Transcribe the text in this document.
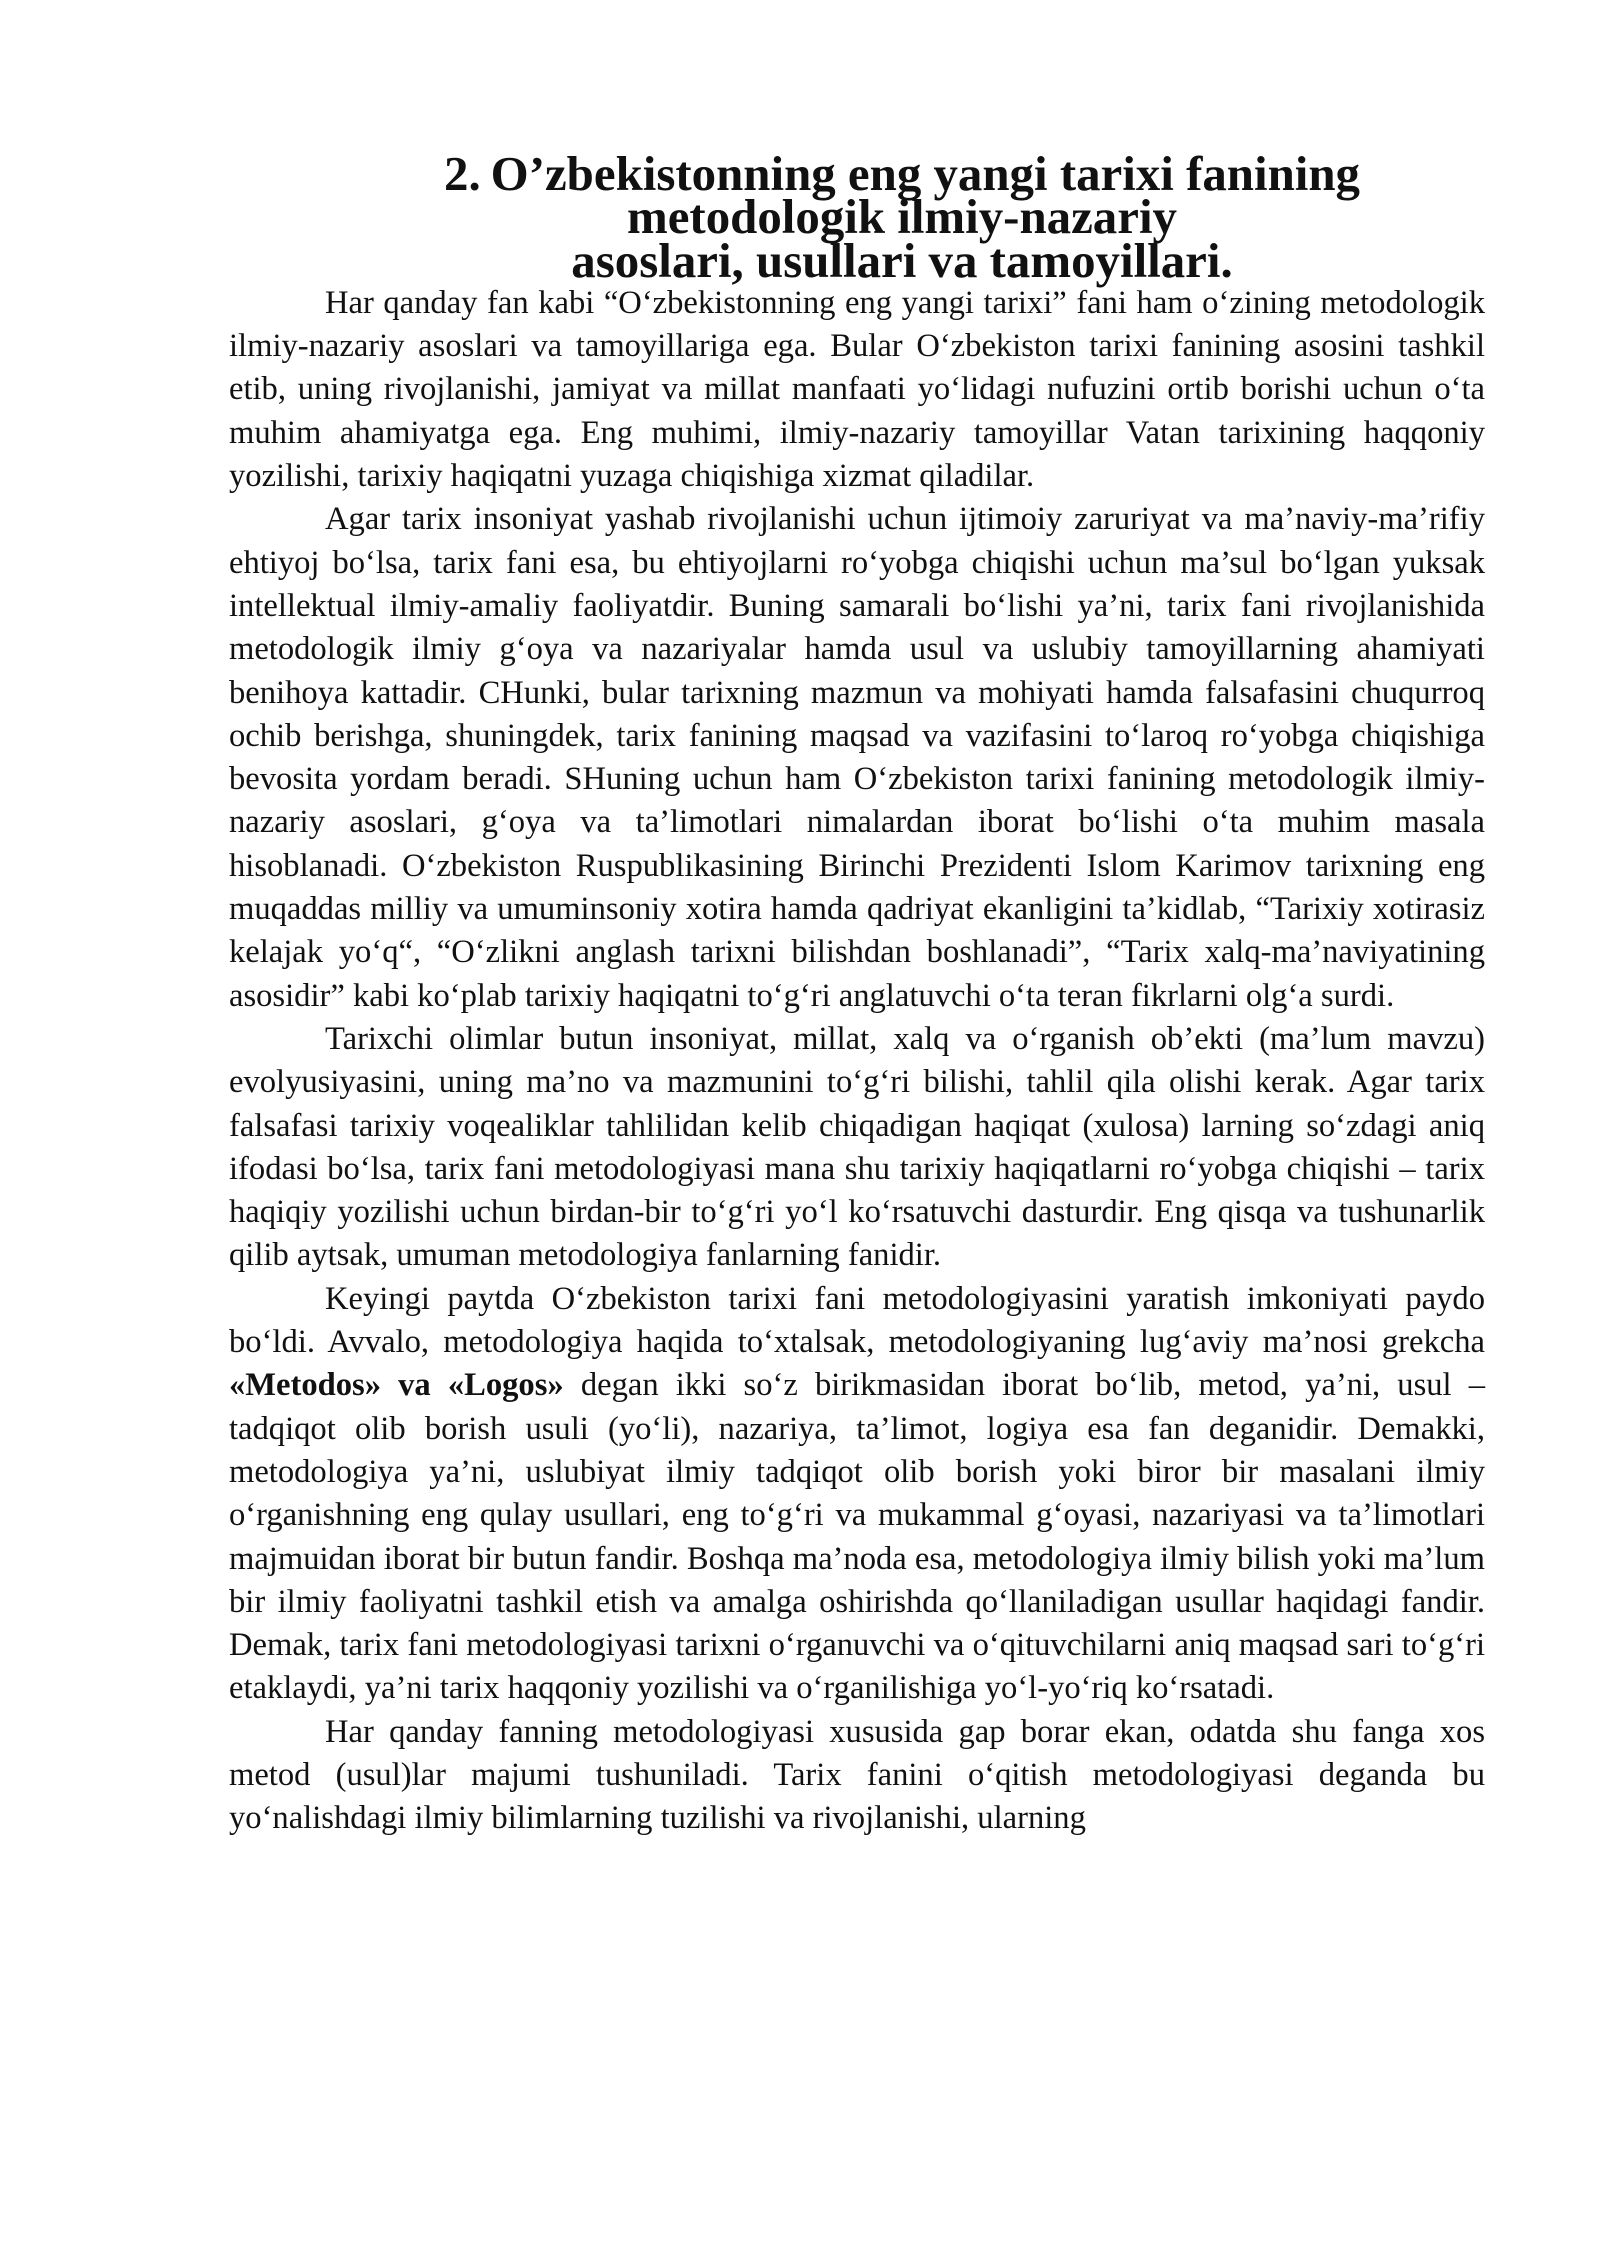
2. O’zbekistonning eng yangi tarixi fanining metodologik ilmiy-nazariy
asoslari, usullari va tamoyillari.

Har qanday fan kabi “O‘zbekistonning eng yangi tarixi” fani ham o‘zining metodologik ilmiy-nazariy asoslari va tamoyillariga ega. Bular O‘zbekiston tarixi fanining asosini tashkil etib, uning rivojlanishi, jamiyat va millat manfaati yo‘lidagi nufuzini ortib borishi uchun o‘ta muhim ahamiyatga ega. Eng muhimi, ilmiy-nazariy tamoyillar Vatan tarixining haqqoniy yozilishi, tarixiy haqiqatni yuzaga chiqishiga xizmat qiladilar.

Agar tarix insoniyat yashab rivojlanishi uchun ijtimoiy zaruriyat va ma’naviy-ma’rifiy ehtiyoj bo‘lsa, tarix fani esa, bu ehtiyojlarni ro‘yobga chiqishi uchun ma’sul bo‘lgan yuksak intellektual ilmiy-amaliy faoliyatdir. Buning samarali bo‘lishi ya’ni, tarix fani rivojlanishida metodologik ilmiy g‘oya va nazariyalar hamda usul va uslubiy tamoyillarning ahamiyati benihoya kattadir. CHunki, bular tarixning mazmun va mohiyati hamda falsafasini chuqurroq ochib berishga, shuningdek, tarix fanining maqsad va vazifasini to‘laroq ro‘yobga chiqishiga bevosita yordam beradi. SHuning uchun ham O‘zbekiston tarixi fanining metodologik ilmiy-nazariy asoslari, g‘oya va ta’limotlari nimalardan iborat bo‘lishi o‘ta muhim masala hisoblanadi. O‘zbekiston Ruspublikasining Birinchi Prezidenti Islom Karimov tarixning eng muqaddas milliy va umuminsoniy xotira hamda qadriyat ekanligini ta’kidlab, “Tarixiy xotirasiz kelajak yo‘q“, “O‘zlikni anglash tarixni bilishdan boshlanadi”, “Tarix xalq-ma’naviyatining asosidir” kabi ko‘plab tarixiy haqiqatni to‘g‘ri anglatuvchi o‘ta teran fikrlarni olg‘a surdi.

Tarixchi olimlar butun insoniyat, millat, xalq va o‘rganish ob’ekti (ma’lum mavzu) evolyusiyasini, uning ma’no va mazmunini to‘g‘ri bilishi, tahlil qila olishi kerak. Agar tarix falsafasi tarixiy voqealiklar tahlilidan kelib chiqadigan haqiqat (xulosa) larning so‘zdagi aniq ifodasi bo‘lsa, tarix fani metodologiyasi mana shu tarixiy haqiqatlarni ro‘yobga chiqishi – tarix haqiqiy yozilishi uchun birdan-bir to‘g‘ri yo‘l ko‘rsatuvchi dasturdir. Eng qisqa va tushunarlik qilib aytsak, umuman metodologiya fanlarning fanidir.

Keyingi paytda O‘zbekiston tarixi fani metodologiyasini yaratish imkoniyati paydo bo‘ldi. Avvalo, metodologiya haqida to‘xtalsak, metodologiyaning lug‘aviy ma’nosi grekcha «Metodos» va «Logos» degan ikki so‘z birikmasidan iborat bo‘lib, metod, ya’ni, usul – tadqiqot olib borish usuli (yo‘li), nazariya, ta’limot, logiya esa fan deganidir. Demakki, metodologiya ya’ni, uslubiyat ilmiy tadqiqot olib borish yoki biror bir masalani ilmiy o‘rganishning eng qulay usullari, eng to‘g‘ri va mukammal g‘oyasi, nazariyasi va ta’limotlari majmuidan iborat bir butun fandir. Boshqa ma’noda esa, metodologiya ilmiy bilish yoki ma’lum bir ilmiy faoliyatni tashkil etish va amalga oshirishda qo‘llaniladigan usullar haqidagi fandir. Demak, tarix fani metodologiyasi tarixni o‘rganuvchi va o‘qituvchilarni aniq maqsad sari to‘g‘ri etaklaydi, ya’ni tarix haqqoniy yozilishi va o‘rganilishiga yo‘l-yo‘riq ko‘rsatadi.

Har qanday fanning metodologiyasi xususida gap borar ekan, odatda shu fanga xos metod (usul)lar majumi tushuniladi. Tarix fanini o‘qitish metodologiyasi deganda bu yo‘nalishdagi ilmiy bilimlarning tuzilishi va rivojlanishi, ularning
